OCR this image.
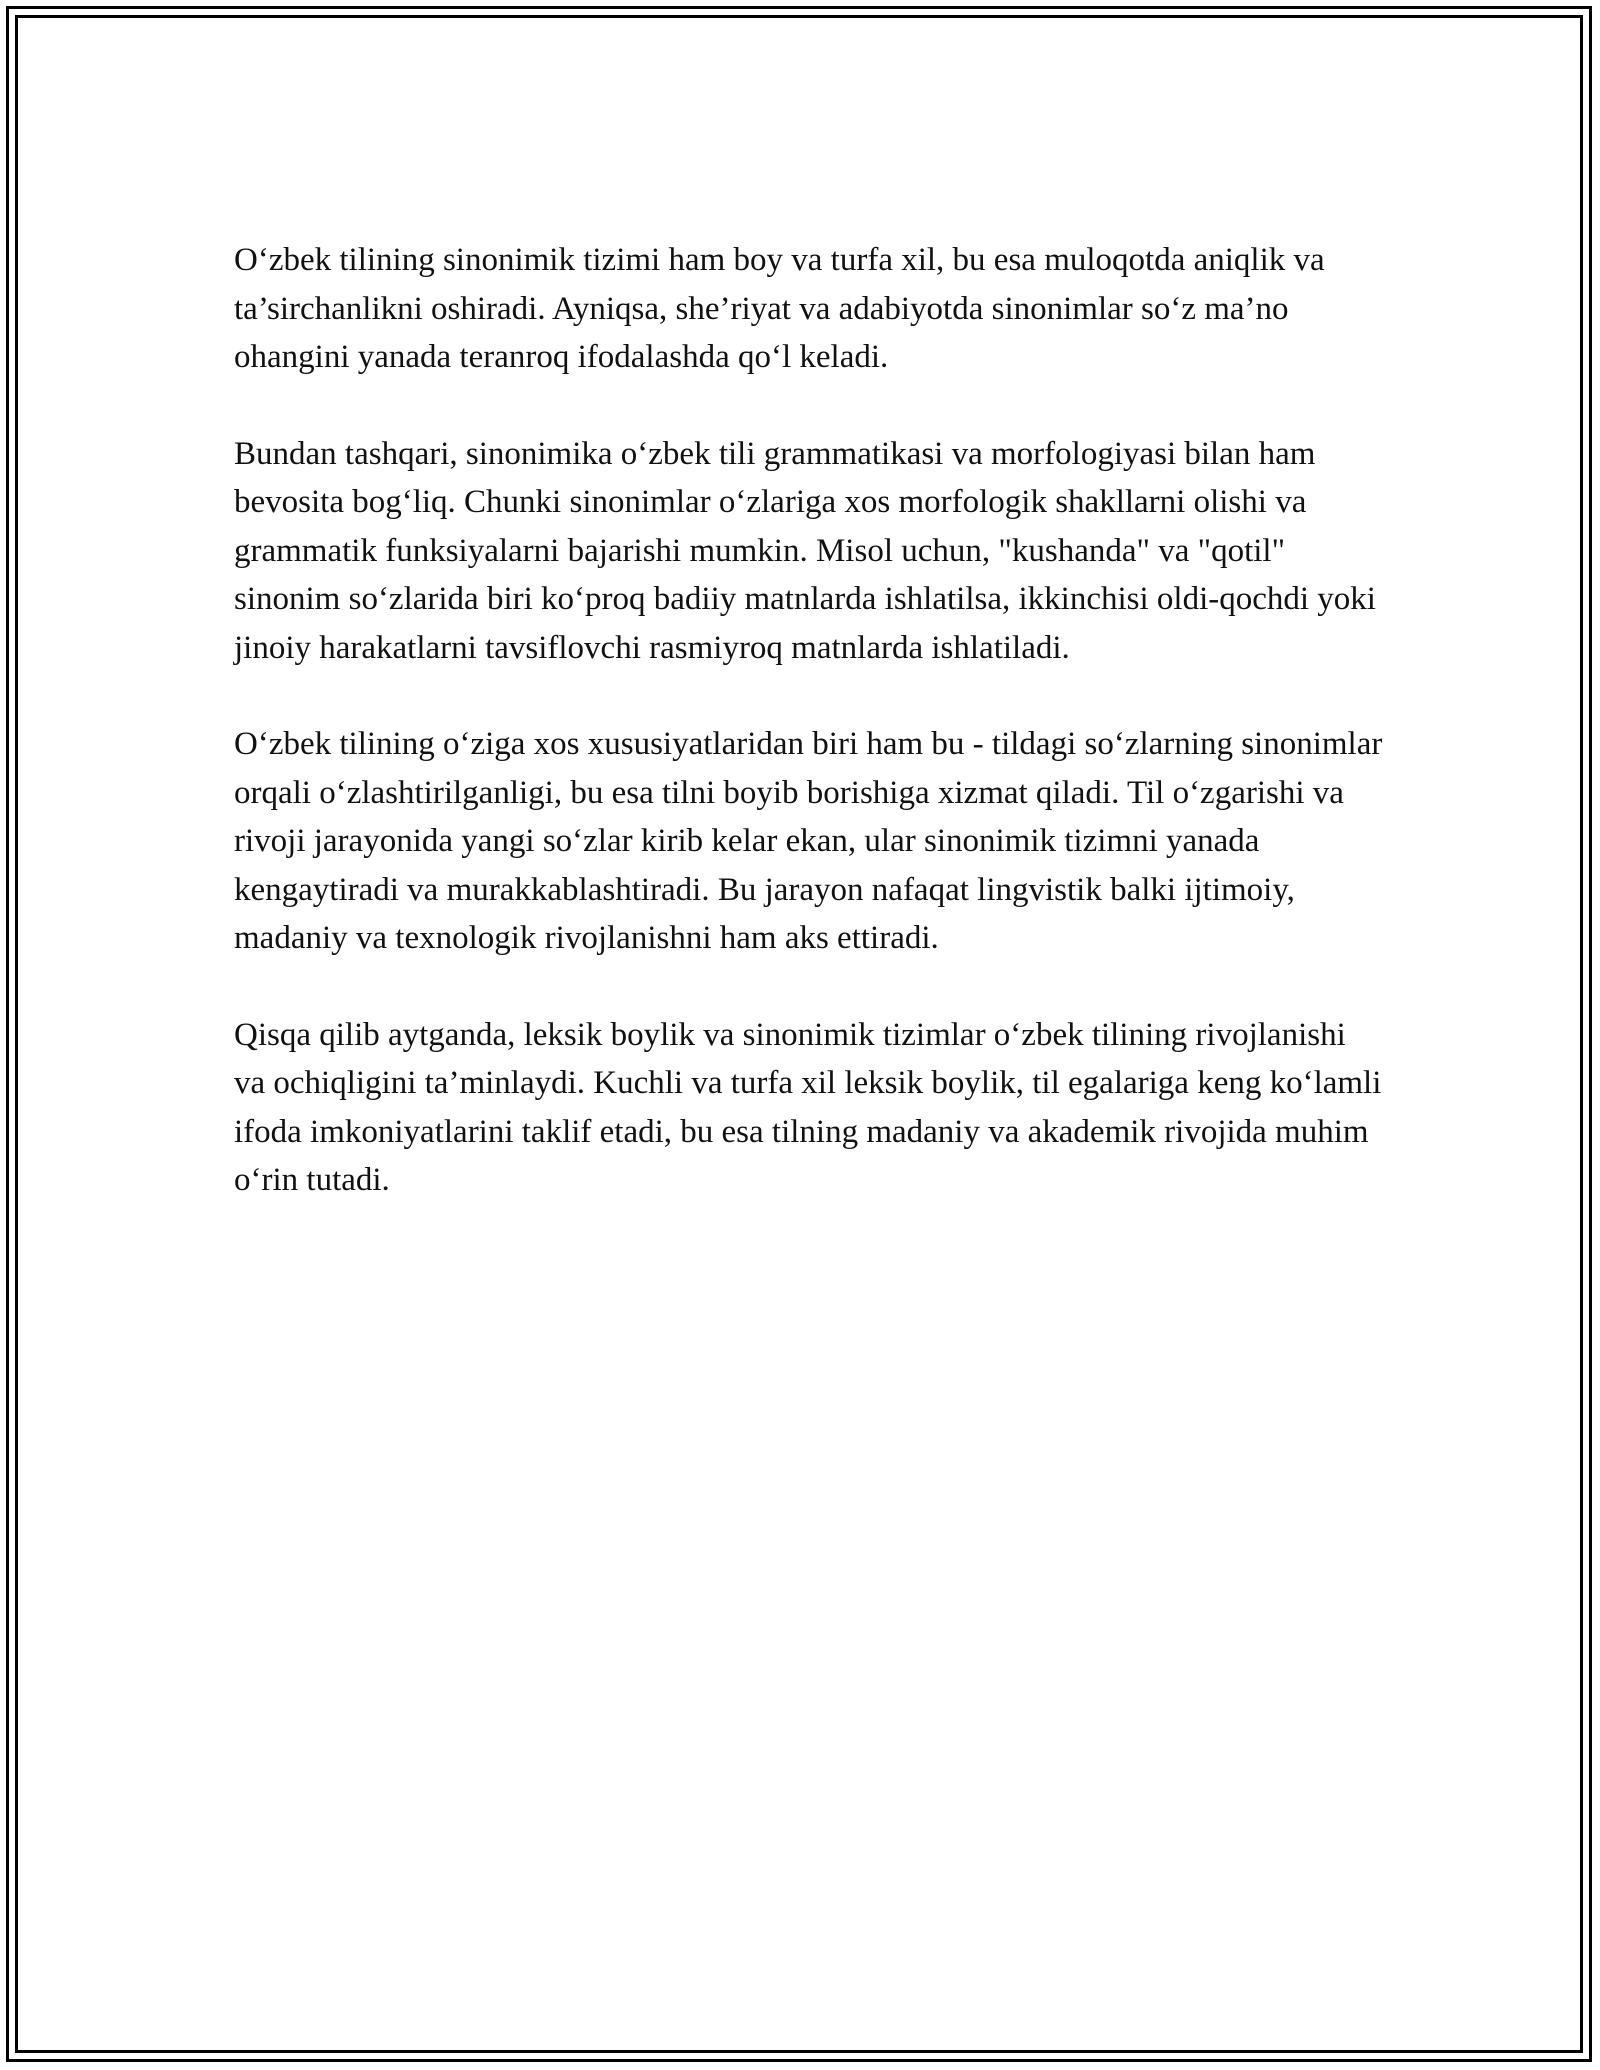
O‘zbek tilining sinonimik tizimi ham boy va turfa xil, bu esa muloqotda aniqlik va ta’sirchanlikni oshiradi. Ayniqsa, she’riyat va adabiyotda sinonimlar so‘z ma’no ohangini yanada teranroq ifodalashda qo‘l keladi.

Bundan tashqari, sinonimika o‘zbek tili grammatikasi va morfologiyasi bilan ham bevosita bog‘liq. Chunki sinonimlar o‘zlariga xos morfologik shakllarni olishi va grammatik funksiyalarni bajarishi mumkin. Misol uchun, "kushanda" va "qotil" sinonim so‘zlarida biri ko‘proq badiiy matnlarda ishlatilsa, ikkinchisi oldi-qochdi yoki jinoiy harakatlarni tavsiflovchi rasmiyroq matnlarda ishlatiladi.

O‘zbek tilining o‘ziga xos xususiyatlaridan biri ham bu - tildagi so‘zlarning sinonimlar orqali o‘zlashtirilganligi, bu esa tilni boyib borishiga xizmat qiladi. Til o‘zgarishi va rivoji jarayonida yangi so‘zlar kirib kelar ekan, ular sinonimik tizimni yanada kengaytiradi va murakkablashtiradi. Bu jarayon nafaqat lingvistik balki ijtimoiy, madaniy va texnologik rivojlanishni ham aks ettiradi.

Qisqa qilib aytganda, leksik boylik va sinonimik tizimlar o‘zbek tilining rivojlanishi va ochiqligini ta’minlaydi. Kuchli va turfa xil leksik boylik, til egalariga keng ko‘lamli ifoda imkoniyatlarini taklif etadi, bu esa tilning madaniy va akademik rivojida muhim o‘rin tutadi.
